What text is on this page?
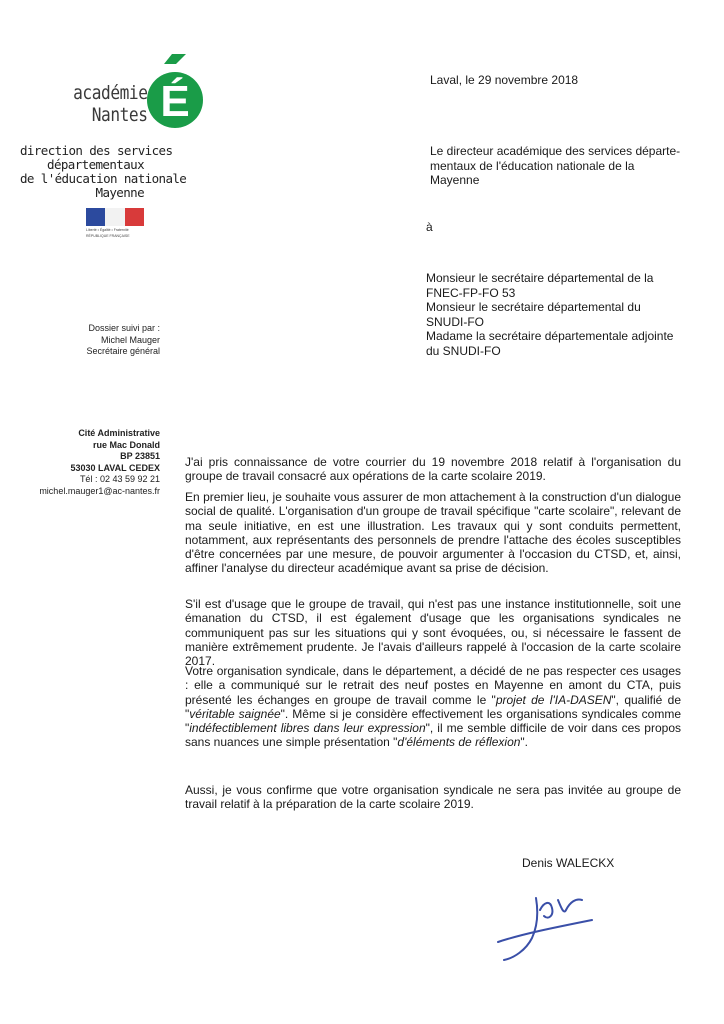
académie
Nantes É
direction des services
départementaux
de l'éducation nationale
Mayenne
Liberté • Égalité • Fraternité
RÉPUBLIQUE FRANÇAISE
Dossier suivi par :
Michel Mauger
Secrétaire général
Cité Administrative
rue Mac Donald
BP 23851
53030 LAVAL CEDEX
Tél : 02 43 59 92 21
michel.mauger1@ac-nantes.fr
Laval, le 29 novembre 2018
Le directeur académique des services départe-
mentaux de l'éducation nationale de la
Mayenne
à
Monsieur le secrétaire départemental de la
FNEC-FP-FO 53
Monsieur le secrétaire départemental du
SNUDI-FO
Madame la secrétaire départementale adjointe
du SNUDI-FO

J'ai pris connaissance de votre courrier du 19 novembre 2018 relatif à l'organisation du groupe de travail consacré aux opérations de la carte scolaire 2019.

En premier lieu, je souhaite vous assurer de mon attachement à la construction d'un dialogue social de qualité. L'organisation d'un groupe de travail spécifique "carte scolaire", relevant de ma seule initiative, en est une illustration. Les travaux qui y sont conduits permettent, notamment, aux représentants des personnels de prendre l'attache des écoles susceptibles d'être concernées par une mesure, de pouvoir argumenter à l'occasion du CTSD, et, ainsi, affiner l'analyse du directeur académique avant sa prise de décision.

S'il est d'usage que le groupe de travail, qui n'est pas une instance institutionnelle, soit une émanation du CTSD, il est également d'usage que les organisations syndicales ne communiquent pas sur les situations qui y sont évoquées, ou, si nécessaire le fassent de manière extrêmement prudente. Je l'avais d'ailleurs rappelé à l'occasion de la carte scolaire 2017.

Votre organisation syndicale, dans le département, a décidé de ne pas respecter ces usages : elle a communiqué sur le retrait des neuf postes en Mayenne en amont du CTA, puis présenté les échanges en groupe de travail comme le "projet de l'IA-DASEN", qualifié de "véritable saignée". Même si je considère effectivement les organisations syndicales comme "indéfectiblement libres dans leur expression", il me semble difficile de voir dans ces propos sans nuances une simple présentation "d'éléments de réflexion".

Aussi, je vous confirme que votre organisation syndicale ne sera pas invitée au groupe de travail relatif à la préparation de la carte scolaire 2019.

Denis WALECKX
